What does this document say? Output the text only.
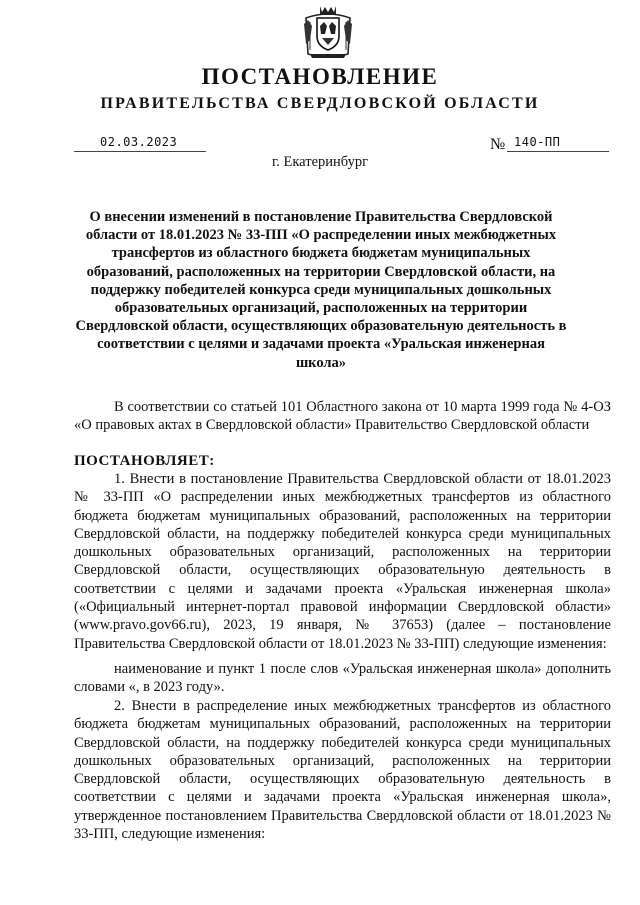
ПОСТАНОВЛЕНИЕ
ПРАВИТЕЛЬСТВА СВЕРДЛОВСКОЙ ОБЛАСТИ
02.03.2023	№ 140-ПП
г. Екатеринбург
О внесении изменений в постановление Правительства Свердловской области от 18.01.2023 № 33-ПП «О распределении иных межбюджетных трансфертов из областного бюджета бюджетам муниципальных образований, расположенных на территории Свердловской области, на поддержку победителей конкурса среди муниципальных дошкольных образовательных организаций, расположенных на территории Свердловской области, осуществляющих образовательную деятельность в соответствии с целями и задачами проекта «Уральская инженерная школа»
В соответствии со статьей 101 Областного закона от 10 марта 1999 года № 4-ОЗ «О правовых актах в Свердловской области» Правительство Свердловской области
ПОСТАНОВЛЯЕТ:
1. Внести в постановление Правительства Свердловской области от 18.01.2023 № 33-ПП «О распределении иных межбюджетных трансфертов из областного бюджета бюджетам муниципальных образований, расположенных на территории Свердловской области, на поддержку победителей конкурса среди муниципальных дошкольных образовательных организаций, расположенных на территории Свердловской области, осуществляющих образовательную деятельность в соответствии с целями и задачами проекта «Уральская инженерная школа» («Официальный интернет-портал правовой информации Свердловской области» (www.pravo.gov66.ru), 2023, 19 января, № 37653) (далее – постановление Правительства Свердловской области от 18.01.2023 № 33-ПП) следующие изменения:
наименование и пункт 1 после слов «Уральская инженерная школа» дополнить словами «, в 2023 году».
2. Внести в распределение иных межбюджетных трансфертов из областного бюджета бюджетам муниципальных образований, расположенных на территории Свердловской области, на поддержку победителей конкурса среди муниципальных дошкольных образовательных организаций, расположенных на территории Свердловской области, осуществляющих образовательную деятельность в соответствии с целями и задачами проекта «Уральская инженерная школа», утвержденное постановлением Правительства Свердловской области от 18.01.2023 № 33-ПП, следующие изменения:
